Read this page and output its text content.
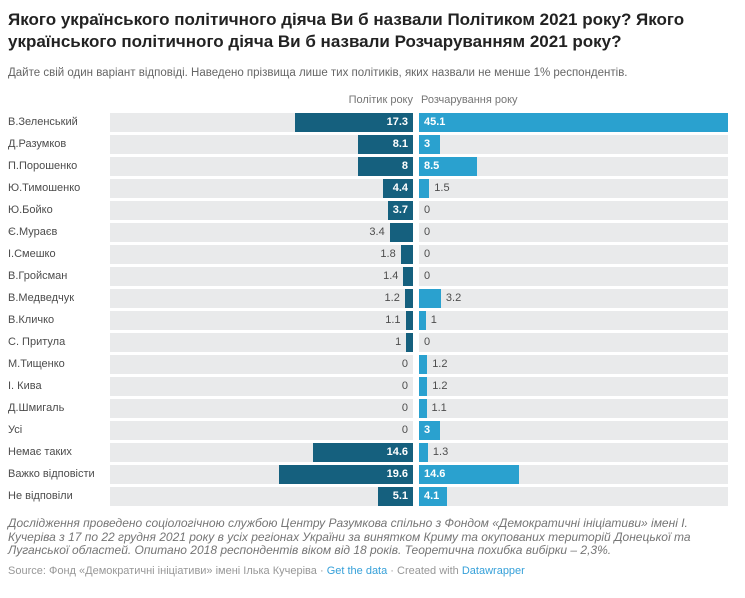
Якого українського політичного діяча Ви б назвали Політиком 2021 року? Якого українського політичного діяча Ви б назвали Розчаруванням 2021 року?
Дайте свій один варіант відповіді. Наведено прізвища лише тих політиків, яких назвали не менше 1% респондентів.
Політик року Розчарування року
В.Зеленський	17.3 45.1
Д.Разумков	8.1 3
П.Порошенко	8 8.5
Ю.Тимошенко	4.4 1.5
Ю.Бойко	3.7 0
Є.Мураєв	3.4	0
І.Смешко	1.8	0
В.Гройсман	1.4 0
В.Медведчук	1.2	3.2
В.Кличко	1.1	1
С. Притула	1 0
М.Тищенко	0 1.2
І. Кива	0 1.2
Д.Шмигаль	0 1.1
Усі	0 3
Немає таких	14.6 1.3
Важко відповісти	19.6 14.6
Не відповіли	5.1 4.1
Дослідження проведено соціологічною службою Центру Разумкова спільно з Фондом «Демократичні ініціативи» імені І. Кучеріва з 17 по 22 грудня 2021 року в усіх регіонах України за винятком Криму та окупованих територій Донецької та Луганської областей. Опитано 2018 респондентів віком від 18 років. Теоретична похибка вибірки – 2,3%.
Source: Фонд «Демократичні ініціативи» імені Ілька Кучеріва · Get the data · Created with Datawrapper
